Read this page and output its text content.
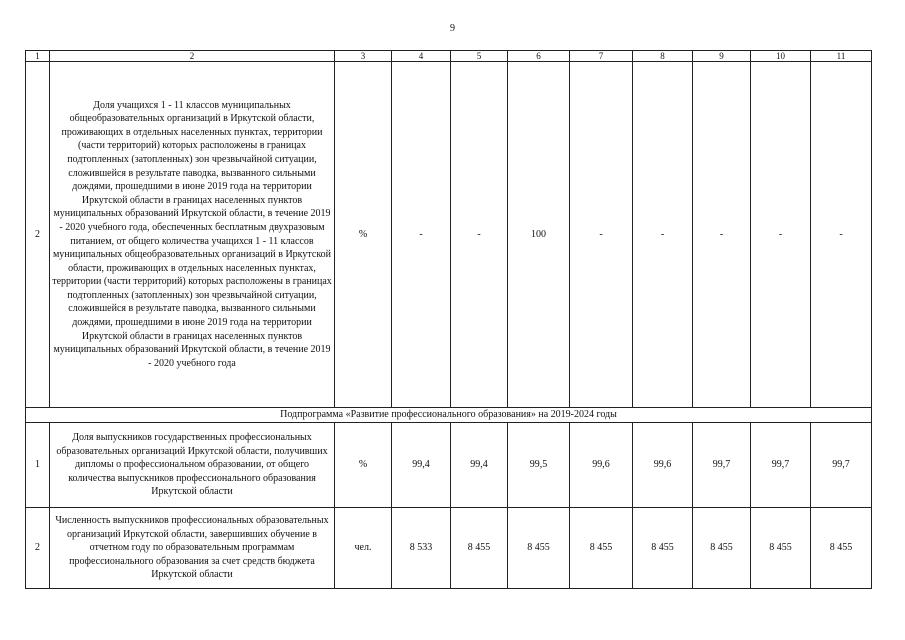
9
1	2	3	4	5	6	7	8	9	10	11
2	Доля учащихся 1 - 11 классов муниципальных общеобразовательных организаций в Иркутской области, проживающих в отдельных населенных пунктах, территории (части территорий) которых расположены в границах подтопленных (затопленных) зон чрезвычайной ситуации, сложившейся в результате паводка, вызванного сильными дождями, прошедшими в июне 2019 года на территории Иркутской области в границах населенных пунктов муниципальных образований Иркутской области, в течение 2019 - 2020 учебного года, обеспеченных бесплатным двухразовым питанием, от общего количества учащихся 1 - 11 классов муниципальных общеобразовательных организаций в Иркутской области, проживающих в отдельных населенных пунктах, территории (части территорий) которых расположены в границах подтопленных (затопленных) зон чрезвычайной ситуации, сложившейся в результате паводка, вызванного сильными дождями, прошедшими в июне 2019 года на территории Иркутской области в границах населенных пунктов муниципальных образований Иркутской области, в течение 2019 - 2020 учебного года	%	-	-	100	-	-	-	-	-
Подпрограмма «Развитие профессионального образования» на 2019-2024 годы										
1	Доля выпускников государственных профессиональных образовательных организаций Иркутской области, получивших дипломы о профессиональном образовании, от общего количества выпускников профессионального образования Иркутской области	%	99,4	99,4	99,5	99,6	99,6	99,7	99,7	99,7
2	Численность выпускников профессиональных образовательных организаций Иркутской области, завершивших обучение в отчетном году по образовательным программам профессионального образования за счет средств бюджета Иркутской области	чел.	8 533	8 455	8 455	8 455	8 455	8 455	8 455	8 455
